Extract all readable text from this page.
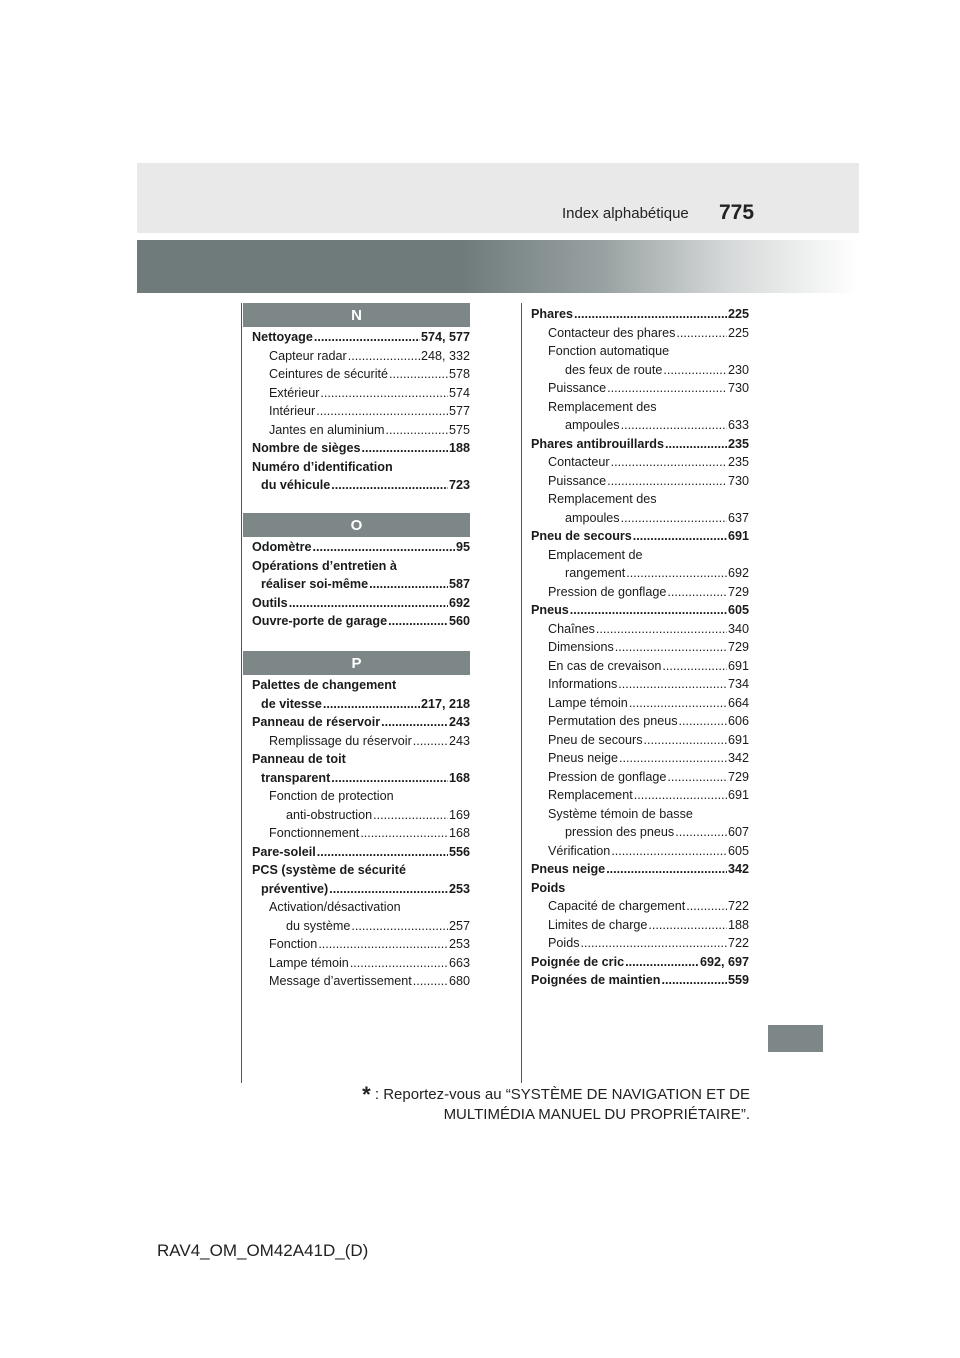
Index alphabétique 775
N
Nettoyage .....	574, 577
Capteur radar .....	248, 332
Ceintures de sécurité .....	578
Extérieur .....	574
Intérieur .....	577
Jantes en aluminium .....	575
Nombre de sièges .....	188
Numéro d’identification
du véhicule .....	723
O
Odomètre .....	95
Opérations d’entretien à
réaliser soi-même .....	587
Outils .....	692
Ouvre-porte de garage .....	560
P
Palettes de changement
de vitesse .....	217, 218
Panneau de réservoir .....	243
Remplissage du réservoir .....	243
Panneau de toit
transparent .....	168
Fonction de protection
anti-obstruction .....	169
Fonctionnement .....	168
Pare-soleil .....	556
PCS (système de sécurité
préventive) .....	253
Activation/désactivation
du système .....	257
Fonction .....	253
Lampe témoin .....	663
Message d’avertissement .....	680
Phares .....	225
Contacteur des phares .....	225
Fonction automatique
des feux de route .....	230
Puissance .....	730
Remplacement des
ampoules .....	633
Phares antibrouillards .....	235
Contacteur .....	235
Puissance .....	730
Remplacement des
ampoules .....	637
Pneu de secours .....	691
Emplacement de
rangement .....	692
Pression de gonflage .....	729
Pneus .....	605
Chaînes .....	340
Dimensions .....	729
En cas de crevaison .....	691
Informations .....	734
Lampe témoin .....	664
Permutation des pneus .....	606
Pneu de secours .....	691
Pneus neige .....	342
Pression de gonflage .....	729
Remplacement .....	691
Système témoin de basse
pression des pneus .....	607
Vérification .....	605
Pneus neige .....	342
Poids
Capacité de chargement .....	722
Limites de charge .....	188
Poids .....	722
Poignée de cric .....	692, 697
Poignées de maintien .....	559
* : Reportez-vous au “SYSTÈME DE NAVIGATION ET DE
MULTIMÉDIA MANUEL DU PROPRIÉTAIRE”.
RAV4_OM_OM42A41D_(D)
